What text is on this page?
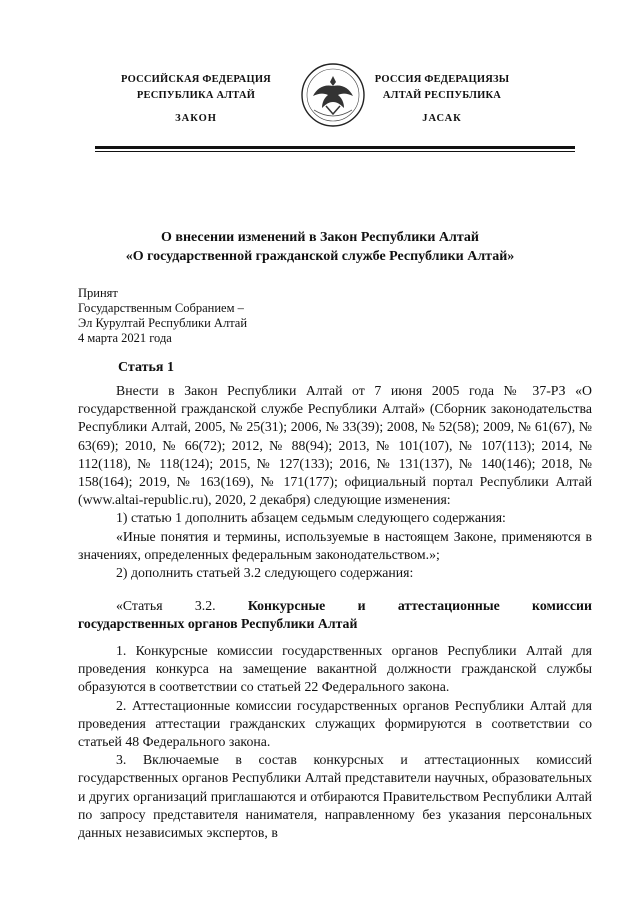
РОССИЙСКАЯ ФЕДЕРАЦИЯ
РЕСПУБЛИКА АЛТАЙ
ЗАКОН
РОССИЯ ФЕДЕРАЦИЯЗЫ
АЛТАЙ РЕСПУБЛИКА
ЈАСАК
О внесении изменений в Закон Республики Алтай
«О государственной гражданской службе Республики Алтай»
Принят
Государственным Собранием –
Эл Курултай Республики Алтай
4 марта 2021 года
Статья 1

Внести в Закон Республики Алтай от 7 июня 2005 года № 37-РЗ «О государственной гражданской службе Республики Алтай» (Сборник законодательства Республики Алтай, 2005, № 25(31); 2006, № 33(39); 2008, № 52(58); 2009, № 61(67), № 63(69); 2010, № 66(72); 2012, № 88(94); 2013, № 101(107), № 107(113); 2014, № 112(118), № 118(124); 2015, № 127(133); 2016, № 131(137), № 140(146); 2018, № 158(164); 2019, № 163(169), № 171(177); официальный портал Республики Алтай (www.altai-republic.ru), 2020, 2 декабря) следующие изменения:

1) статью 1 дополнить абзацем седьмым следующего содержания:

«Иные понятия и термины, используемые в настоящем Законе, применяются в значениях, определенных федеральным законодательством.»;

2) дополнить статьей 3.2 следующего содержания:

«Статья 3.2. Конкурсные и аттестационные комиссии
государственных органов Республики Алтай

1. Конкурсные комиссии государственных органов Республики Алтай для проведения конкурса на замещение вакантной должности гражданской службы образуются в соответствии со статьей 22 Федерального закона.

2. Аттестационные комиссии государственных органов Республики Алтай для проведения аттестации гражданских служащих формируются в соответствии со статьей 48 Федерального закона.

3. Включаемые в состав конкурсных и аттестационных комиссий государственных органов Республики Алтай представители научных, образовательных и других организаций приглашаются и отбираются Правительством Республики Алтай по запросу представителя нанимателя, направленному без указания персональных данных независимых экспертов, в
